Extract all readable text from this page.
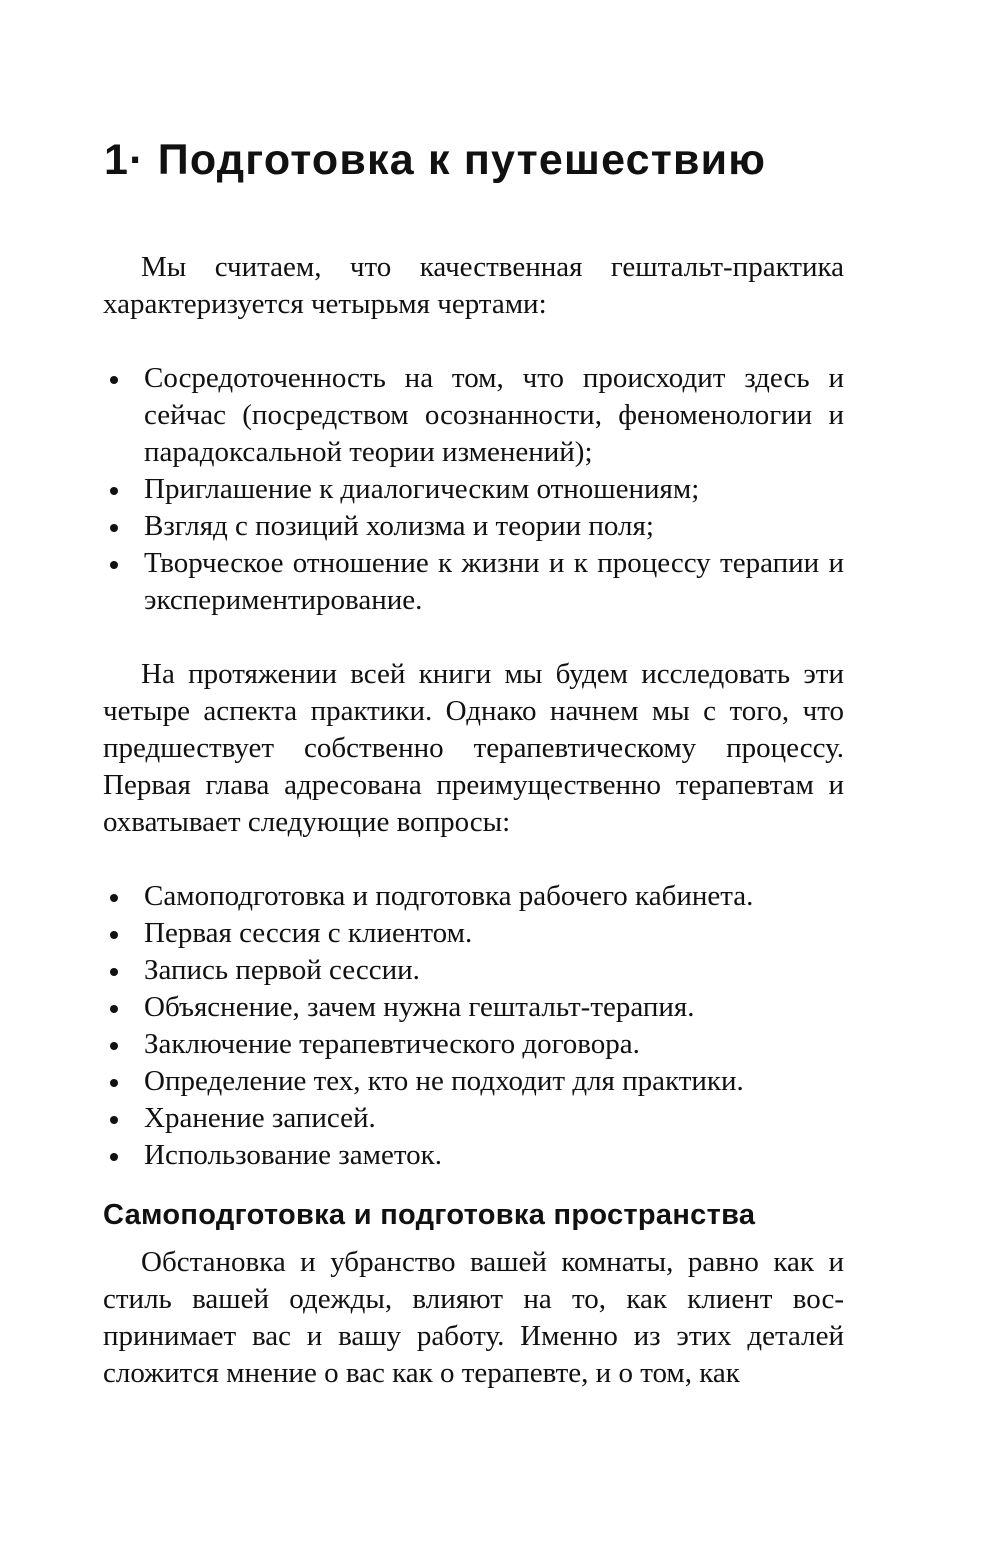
1· Подготовка к путешествию

Мы считаем, что качественная гештальт-практика характеризуется четырьмя чертами:

Сосредоточенность на том, что происходит здесь и сейчас (посредством осознанности, феноменологии и парадоксальной теории изменений);
Приглашение к диалогическим отношениям;
Взгляд с позиций холизма и теории поля;
Творческое отношение к жизни и к процессу терапии и экспериментирование.

На протяжении всей книги мы будем исследовать эти четыре аспекта практики. Однако начнем мы с того, что предшествует собственно терапевтическому процессу. Первая глава адресована преимущественно терапевтам и охватывает следующие вопросы:

Самоподготовка и подготовка рабочего кабинета.
Первая сессия с клиентом.
Запись первой сессии.
Объяснение, зачем нужна гештальт-терапия.
Заключение терапевтического договора.
Определение тех, кто не подходит для практики.
Хранение записей.
Использование заметок.
Самоподготовка и подготовка пространства

Обстановка и убранство вашей комнаты, равно как и стиль вашей одежды, влияют на то, как клиент воспринимает вас и вашу работу. Именно из этих деталей сложится мнение о вас как о терапевте, и о том, как
